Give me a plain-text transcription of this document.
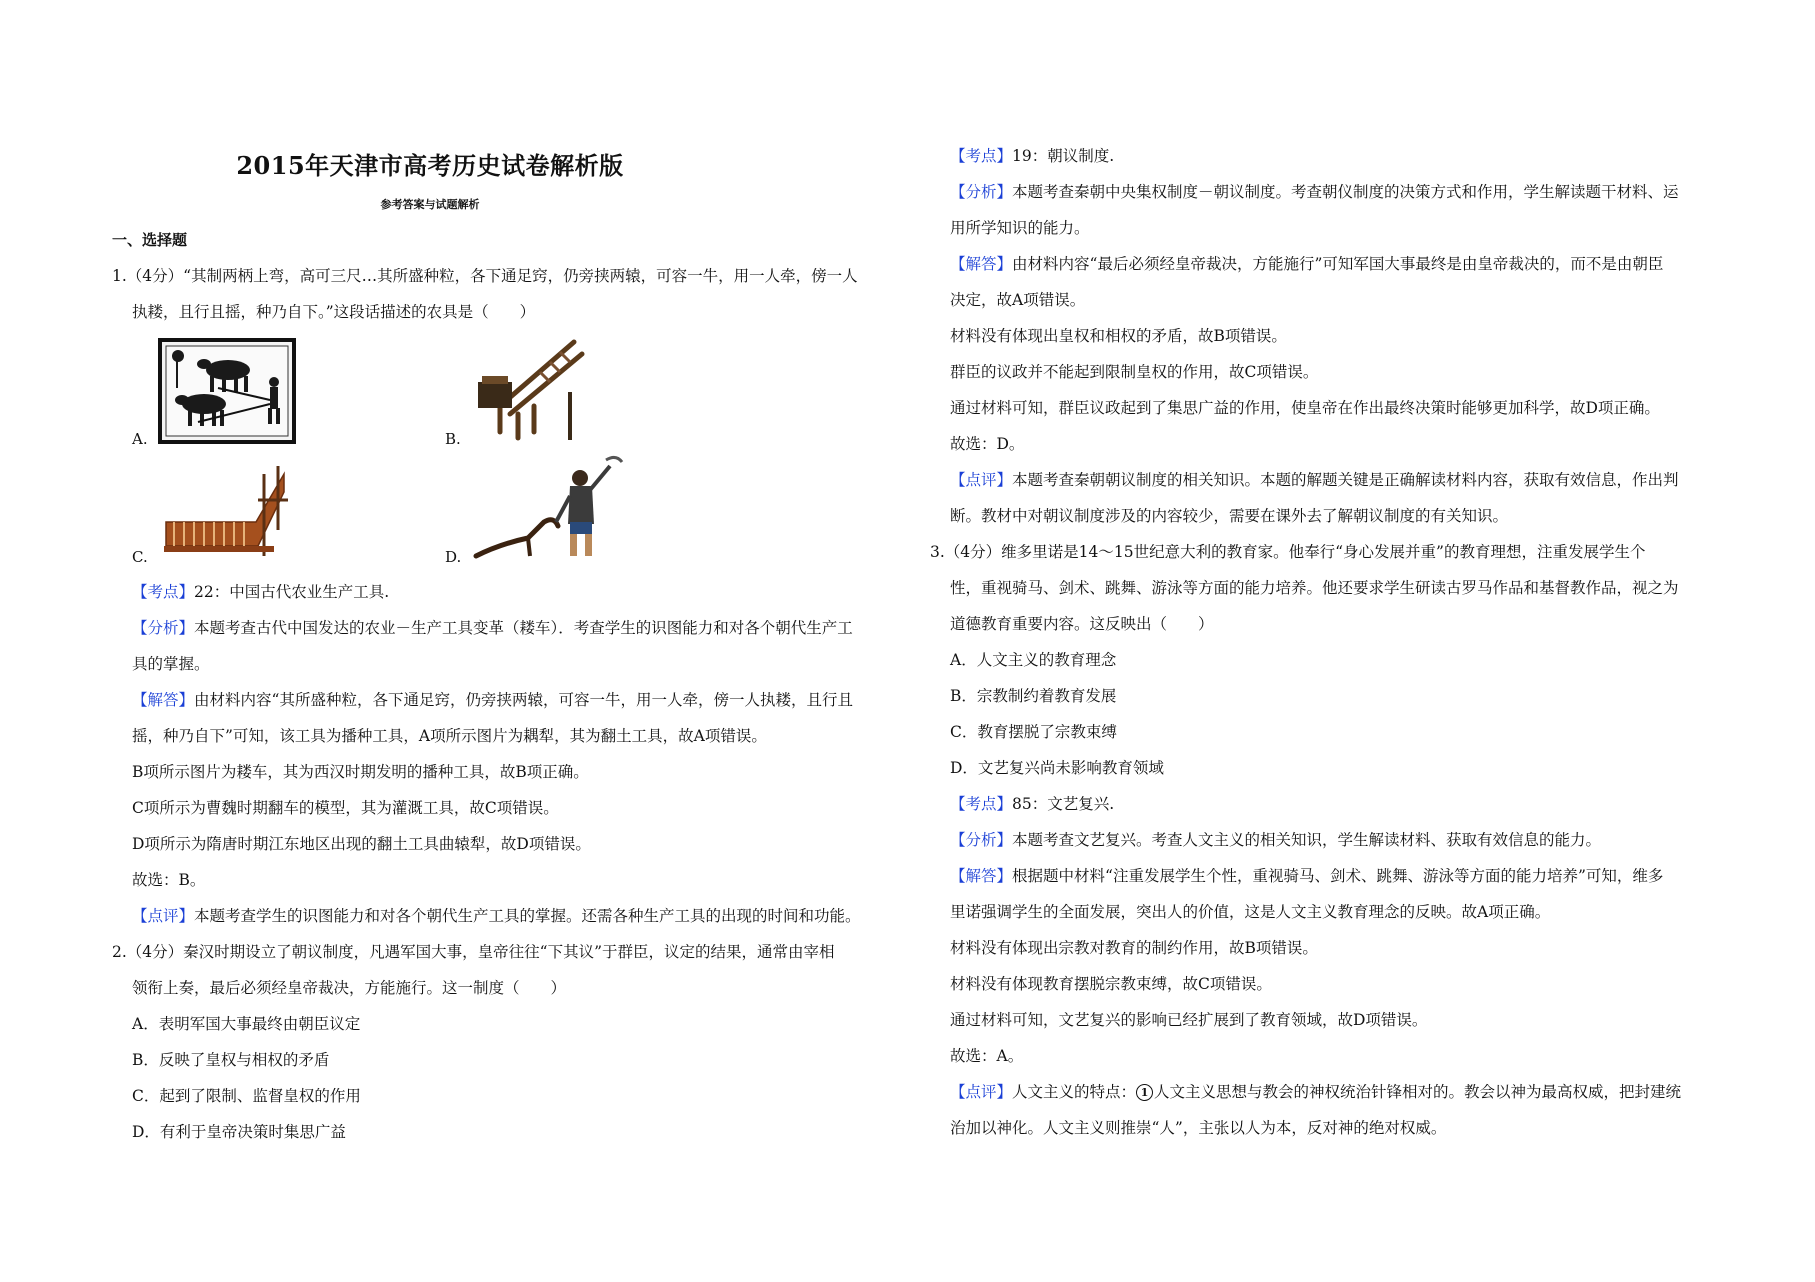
2015年天津市高考历史试卷解析版
参考答案与试题解析
一、选择题
1.（4分）“其制两柄上弯，高可三尺…其所盛种粒，各下通足窍，仍旁挟两辕，可容一牛，用一人牵，傍一人
执耧，且行且摇，种乃自下。”这段话描述的农具是（　　）
A.	B.
C.	D.
【考点】22：中国古代农业生产工具.
【分析】本题考查古代中国发达的农业－生产工具变革（耧车）．考查学生的识图能力和对各个朝代生产工
具的掌握。
【解答】由材料内容“其所盛种粒，各下通足窍，仍旁挟两辕，可容一牛，用一人牵，傍一人执耧，且行且
摇，种乃自下”可知，该工具为播种工具，A项所示图片为耦犁，其为翻土工具，故A项错误。
B项所示图片为耧车，其为西汉时期发明的播种工具，故B项正确。
C项所示为曹魏时期翻车的模型，其为灌溉工具，故C项错误。
D项所示为隋唐时期江东地区出现的翻土工具曲辕犁，故D项错误。
故选：B。
【点评】本题考查学生的识图能力和对各个朝代生产工具的掌握。还需各种生产工具的出现的时间和功能。
2.（4分）秦汉时期设立了朝议制度，凡遇军国大事，皇帝往往“下其议”于群臣，议定的结果，通常由宰相
领衔上奏，最后必须经皇帝裁决，方能施行。这一制度（　　）
A．表明军国大事最终由朝臣议定
B．反映了皇权与相权的矛盾
C．起到了限制、监督皇权的作用
D．有利于皇帝决策时集思广益
【考点】19：朝议制度.
【分析】本题考查秦朝中央集权制度－朝议制度。考查朝仪制度的决策方式和作用，学生解读题干材料、运
用所学知识的能力。
【解答】由材料内容“最后必须经皇帝裁决，方能施行”可知军国大事最终是由皇帝裁决的，而不是由朝臣
决定，故A项错误。
材料没有体现出皇权和相权的矛盾，故B项错误。
群臣的议政并不能起到限制皇权的作用，故C项错误。
通过材料可知，群臣议政起到了集思广益的作用，使皇帝在作出最终决策时能够更加科学，故D项正确。
故选：D。
【点评】本题考查秦朝朝议制度的相关知识。本题的解题关键是正确解读材料内容，获取有效信息，作出判
断。教材中对朝议制度涉及的内容较少，需要在课外去了解朝议制度的有关知识。
3.（4分）维多里诺是14～15世纪意大利的教育家。他奉行“身心发展并重”的教育理想，注重发展学生个
性，重视骑马、剑术、跳舞、游泳等方面的能力培养。他还要求学生研读古罗马作品和基督教作品，视之为
道德教育重要内容。这反映出（　　）
A．人文主义的教育理念
B．宗教制约着教育发展
C．教育摆脱了宗教束缚
D．文艺复兴尚未影响教育领域
【考点】85：文艺复兴.
【分析】本题考查文艺复兴。考查人文主义的相关知识，学生解读材料、获取有效信息的能力。
【解答】根据题中材料“注重发展学生个性，重视骑马、剑术、跳舞、游泳等方面的能力培养”可知，维多
里诺强调学生的全面发展，突出人的价值，这是人文主义教育理念的反映。故A项正确。
材料没有体现出宗教对教育的制约作用，故B项错误。
材料没有体现教育摆脱宗教束缚，故C项错误。
通过材料可知，文艺复兴的影响已经扩展到了教育领域，故D项错误。
故选：A。
【点评】人文主义的特点： 1 人文主义思想与教会的神权统治针锋相对的。教会以神为最高权威，把封建统
治加以神化。人文主义则推崇“人”，主张以人为本，反对神的绝对权威。
